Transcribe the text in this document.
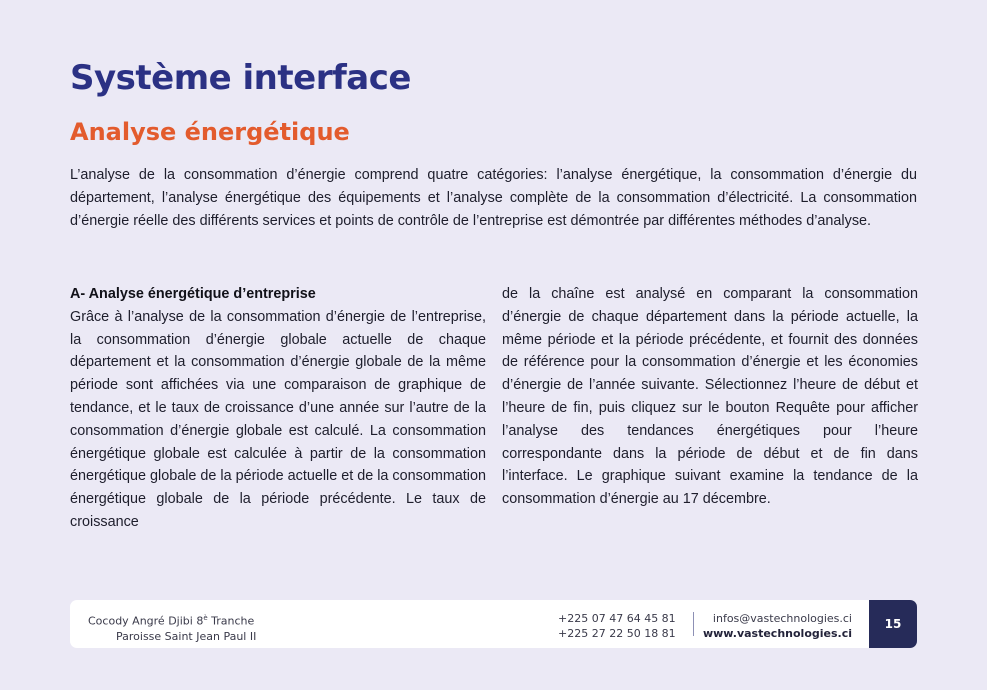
Système interface
Analyse énergétique

L’analyse de la consommation d’énergie comprend quatre catégories: l’analyse énergétique, la consommation d’énergie du département, l’analyse énergétique des équipements et l’analyse complète de la consommation d’électricité. La consommation d’énergie réelle des différents services et points de contrôle de l’entreprise est démontrée par différentes méthodes d’analyse.

A- Analyse énergétique d’entreprise

Grâce à l’analyse de la consommation d’énergie de l’entreprise, la consommation d’énergie globale actuelle de chaque département et la consommation d’énergie globale de la même période sont affichées via une comparaison de graphique de tendance, et le taux de croissance d’une année sur l’autre de la consommation d’énergie globale est calculé. La consommation énergétique globale est calculée à partir de la consommation énergétique globale de la période actuelle et de la consommation énergétique globale de la période précédente. Le taux de croissance

de la chaîne est analysé en comparant la consommation d’énergie de chaque département dans la période actuelle, la même période et la période précédente, et fournit des données de référence pour la consommation d’énergie et les économies d’énergie de l’année suivante. Sélectionnez l’heure de début et l’heure de fin, puis cliquez sur le bouton Requête pour afficher l’analyse des tendances énergétiques pour l’heure correspondante dans la période de début et de fin dans l’interface. Le graphique suivant examine la tendance de la consommation d’énergie au 17 décembre.

Cocody Angré Djibi $8^è$ Tranche
Paroisse Saint Jean Paul II
+225 07 47 64 45 81
+225 27 22 50 18 81
infos@vastechnologies.ci
www.vastechnologies.ci
15
